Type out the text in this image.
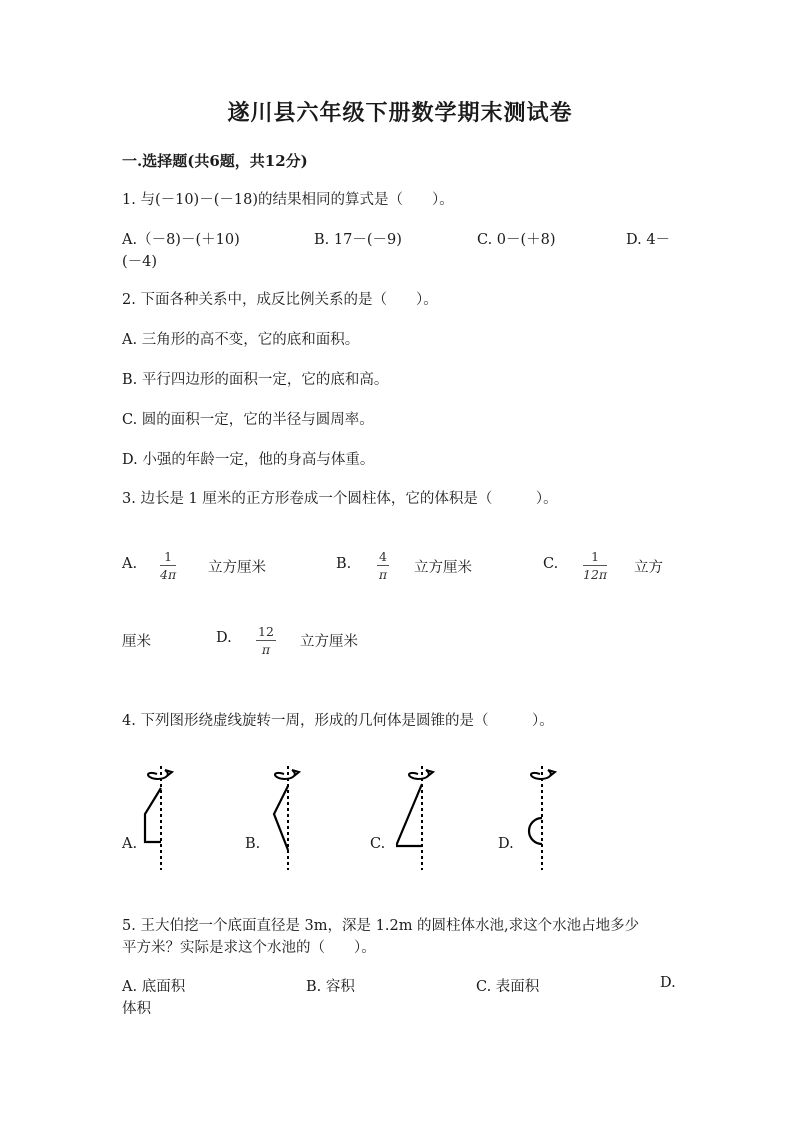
遂川县六年级下册数学期末测试卷
一.选择题(共6题，共12分)
1. 与(－10)－(－18)的结果相同的算式是（　　）。
A.（－8)－(＋10)	B. 17－(－9)	C. 0－(＋8)	D. 4－
(－4)
2. 下面各种关系中，成反比例关系的是（　　）。
A. 三角形的高不变，它的底和面积。
B. 平行四边形的面积一定，它的底和高。
C. 圆的面积一定，它的半径与圆周率。
D. 小强的年龄一定，他的身高与体重。
3. 边长是 1 厘米的正方形卷成一个圆柱体，它的体积是（　　　）。
A. 1
4π 立方厘米	B. 4
π 立方厘米	C.	1
12π 立方
厘米	D. 12
π 立方厘米
4. 下列图形绕虚线旋转一周，形成的几何体是圆锥的是（　　　）。
A.	B.	C.	D.
5. 王大伯挖一个底面直径是 3m，深是 1.2m 的圆柱体水池,求这个水池占地多少
平方米？实际是求这个水池的（　　）。
A. 底面积	B. 容积	C. 表面积	D.
体积
